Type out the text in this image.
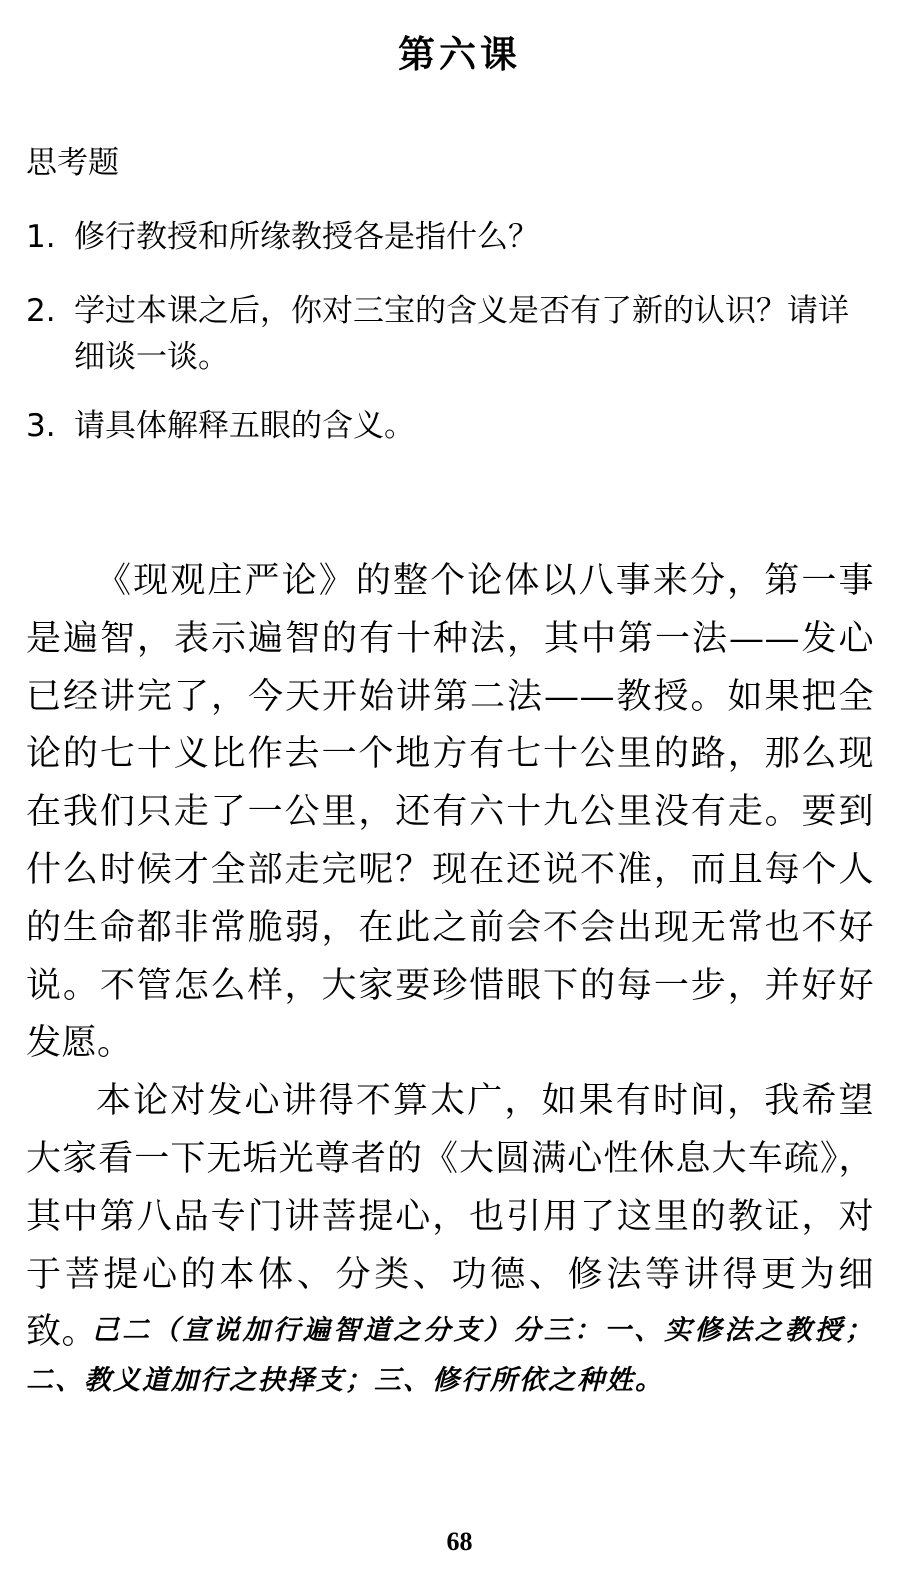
第六课
思考题
1. 修行教授和所缘教授各是指什么？
2. 学过本课之后，你对三宝的含义是否有了新的认识？请详细谈一谈。
3. 请具体解释五眼的含义。

《现观庄严论》的整个论体以八事来分，第一事是遍智，表示遍智的有十种法，其中第一法——发心已经讲完了，今天开始讲第二法——教授。如果把全论的七十义比作去一个地方有七十公里的路，那么现在我们只走了一公里，还有六十九公里没有走。要到什么时候才全部走完呢？现在还说不准，而且每个人的生命都非常脆弱，在此之前会不会出现无常也不好说。不管怎么样，大家要珍惜眼下的每一步，并好好发愿。

本论对发心讲得不算太广，如果有时间，我希望大家看一下无垢光尊者的《大圆满心性休息大车疏》，其中第八品专门讲菩提心，也引用了这里的教证，对于菩提心的本体、分类、功德、修法等讲得更为细致。

己二（宣说加行遍智道之分支）分三：一、实修法之教授；二、教义道加行之抉择支；三、修行所依之种姓。
68
